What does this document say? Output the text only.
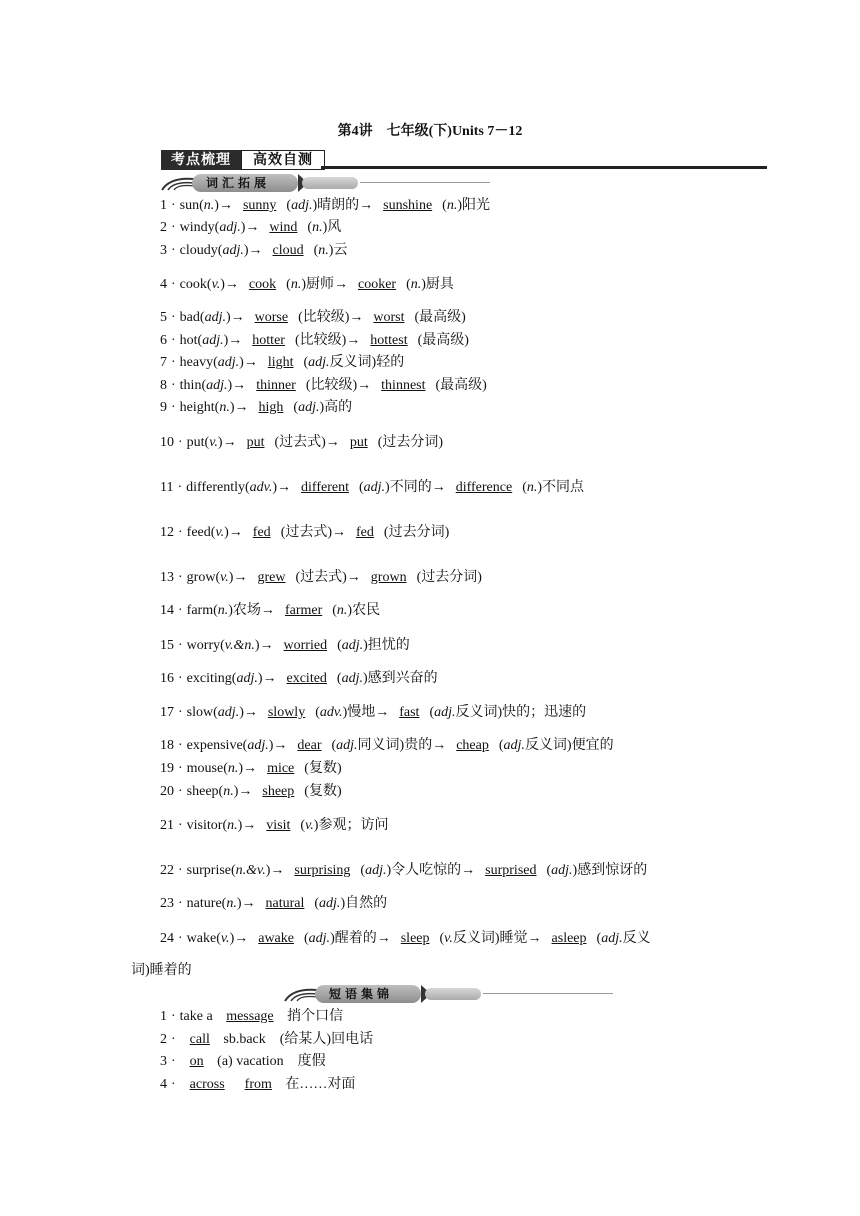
第4讲　七年级(下)Units 7－12
考点梳理	高效自测
词汇拓展
1 · sun(n.)→ sunny (adj.)晴朗的→ sunshine (n.)阳光
2 · windy(adj.)→ wind (n.)风
3 · cloudy(adj.)→ cloud (n.)云
4 · cook(v.)→ cook (n.)厨师→ cooker (n.)厨具
5 · bad(adj.)→ worse (比较级)→ worst (最高级)
6 · hot(adj.)→ hotter (比较级)→ hottest (最高级)
7 · heavy(adj.)→ light (adj.反义词)轻的
8 · thin(adj.)→ thinner (比较级)→ thinnest (最高级)
9 · height(n.)→ high (adj.)高的
10 · put(v.)→ put (过去式)→ put (过去分词)
11 · differently(adv.)→ different (adj.)不同的→ difference (n.)不同点
12 · feed(v.)→ fed (过去式)→ fed (过去分词)
13 · grow(v.)→ grew (过去式)→ grown (过去分词)
14 · farm(n.)农场→ farmer (n.)农民
15 · worry(v.&n.)→ worried (adj.)担忧的
16 · exciting(adj.)→ excited (adj.)感到兴奋的
17 · slow(adj.)→ slowly (adv.)慢地→ fast (adj.反义词)快的；迅速的
18 · expensive(adj.)→ dear (adj.同义词)贵的→ cheap (adj.反义词)便宜的
19 · mouse(n.)→ mice (复数)
20 · sheep(n.)→ sheep (复数)
21 · visitor(n.)→ visit (v.)参观；访问
22 · surprise(n.&v.)→ surprising (adj.)令人吃惊的→ surprised (adj.)感到惊讶的
23 · nature(n.)→ natural (adj.)自然的
24 · wake(v.)→ awake (adj.)醒着的→ sleep (v.反义词)睡觉→ asleep (adj.反义
词)睡着的
短语集锦
1 · take a message 捎个口信
2 · call sb.back　(给某人)回电话
3 · on (a) vacation　度假
4 · across from 在……对面
